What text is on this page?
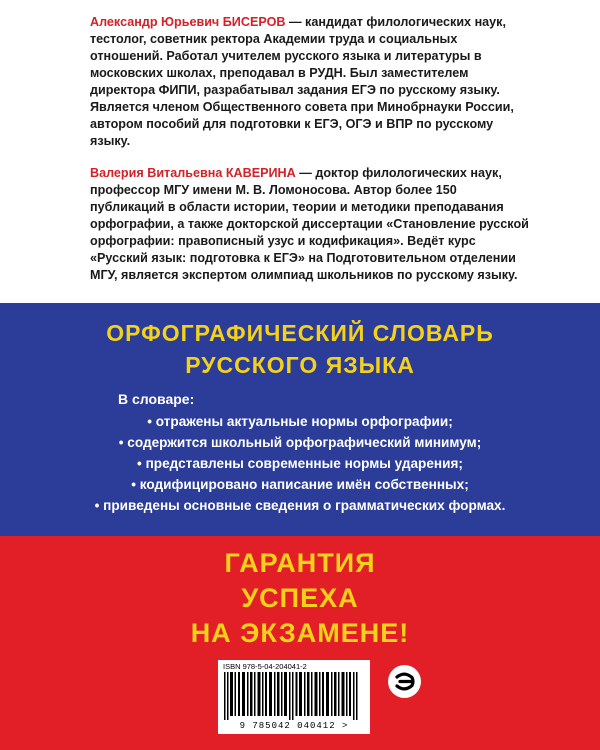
Александр Юрьевич БИСЕРОВ — кандидат филологических наук, тестолог, советник ректора Академии труда и социальных отношений. Работал учителем русского языка и литературы в московских школах, преподавал в РУДН. Был заместителем директора ФИПИ, разрабатывал задания ЕГЭ по русскому языку. Является членом Общественного совета при Минобрнауки России, автором пособий для подготовки к ЕГЭ, ОГЭ и ВПР по русскому языку.
Валерия Витальевна КАВЕРИНА — доктор филологических наук, профессор МГУ имени М. В. Ломоносова. Автор более 150 публикаций в области истории, теории и методики преподавания орфографии, а также докторской диссертации «Становление русской орфографии: правописный узус и кодификация». Ведёт курс «Русский язык: подготовка к ЕГЭ» на Подготовительном отделении МГУ, является экспертом олимпиад школьников по русскому языку.
ОРФОГРАФИЧЕСКИЙ СЛОВАРЬ
РУССКОГО ЯЗЫКА
В словаре:
• отражены актуальные нормы орфографии;
• содержится школьный орфографический минимум;
• представлены современные нормы ударения;
• кодифицировано написание имён собственных;
• приведены основные сведения о грамматических формах.
ГАРАНТИЯ
УСПЕХА
НА ЭКЗАМЕНЕ!
ISBN 978-5-04-204041-2
9 785042 040412 >
